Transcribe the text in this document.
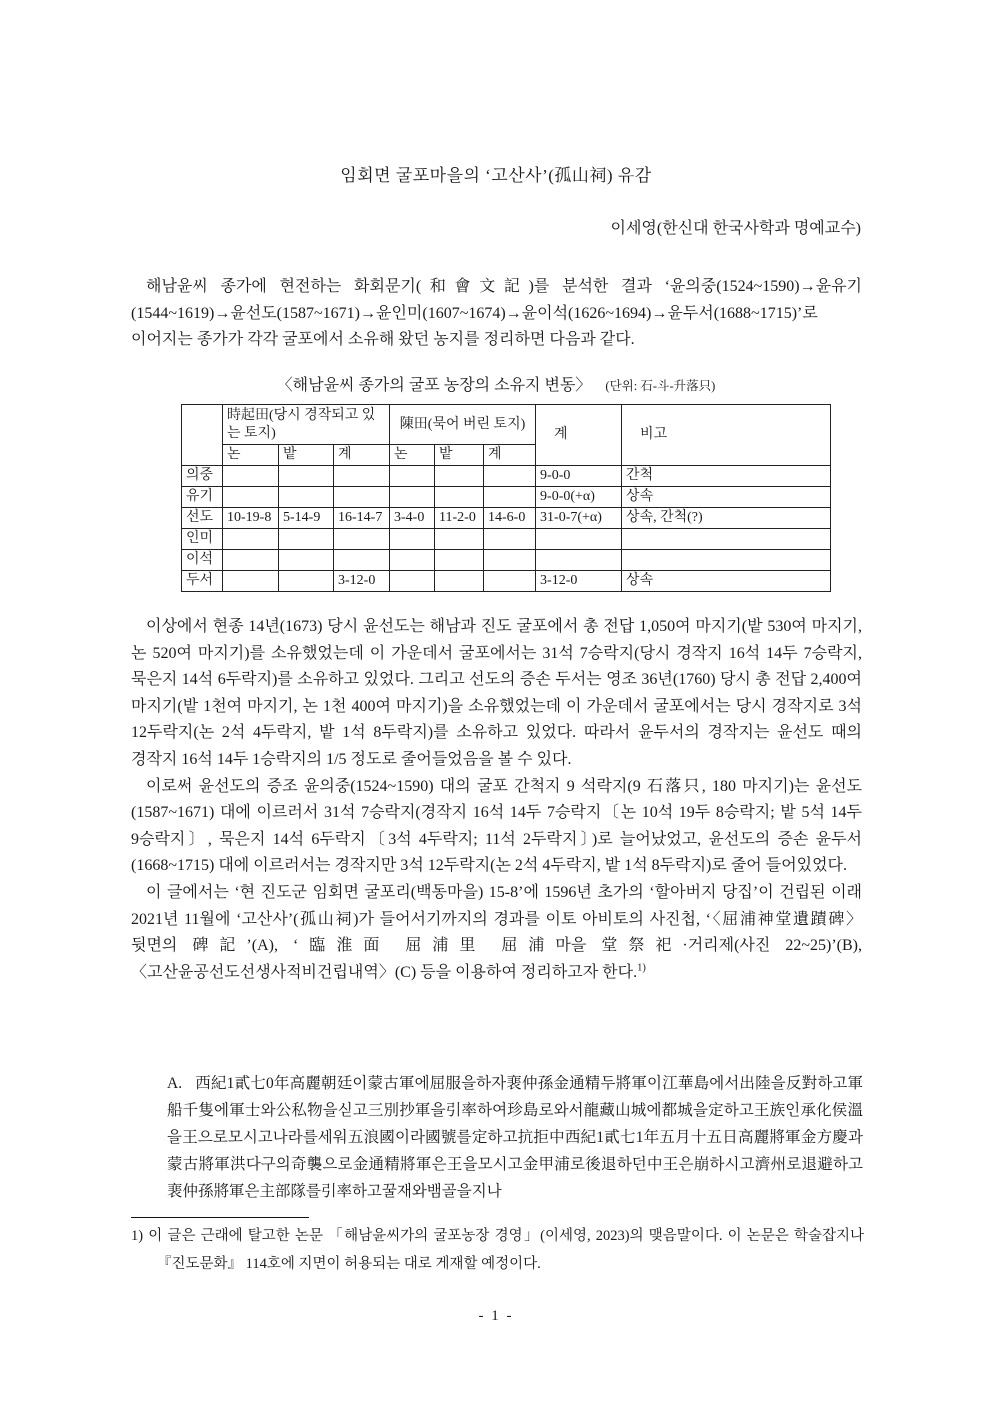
임회면 굴포마을의 ‘고산사’(孤山祠) 유감
이세영(한신대 한국사학과 명예교수)

해남윤씨 종가에 현전하는 화회문기(和會文記)를 분석한 결과 ‘윤의중(1524~1590)→윤유기(1544~1619)→윤선도(1587~1671)→윤인미(1607~1674)→윤이석(1626~1694)→윤두서(1688~1715)’로 이어지는 종가가 각각 굴포에서 소유해 왔던 농지를 정리하면 다음과 같다.

〈해남윤씨 종가의 굴포 농장의 소유지 변동〉 (단위: 石-斗-升落只)
	時起田(당시 경작되고 있는 토지)			陳田(묵어 버린 토지)			계	비고
	논	밭	계	논	밭	계		
의중							9-0-0	간척
유기							9-0-0(+α)	상속
선도	10-19-8	5-14-9	16-14-7	3-4-0	11-2-0	14-6-0	31-0-7(+α)	상속, 간척(?)
인미								
이석								
두서			3-12-0				3-12-0	상속

이상에서 현종 14년(1673) 당시 윤선도는 해남과 진도 굴포에서 총 전답 1,050여 마지기(밭 530여 마지기, 논 520여 마지기)를 소유했었는데 이 가운데서 굴포에서는 31석 7승락지(당시 경작지 16석 14두 7승락지, 묵은지 14석 6두락지)를 소유하고 있었다. 그리고 선도의 증손 두서는 영조 36년(1760) 당시 총 전답 2,400여 마지기(밭 1천여 마지기, 논 1천 400여 마지기)을 소유했었는데 이 가운데서 굴포에서는 당시 경작지로 3석 12두락지(논 2석 4두락지, 밭 1석 8두락지)를 소유하고 있었다. 따라서 윤두서의 경작지는 윤선도 때의 경작지 16석 14두 1승락지의 1/5 정도로 줄어들었음을 볼 수 있다.

이로써 윤선도의 증조 윤의중(1524~1590) 대의 굴포 간척지 9 석락지(9 石落只, 180 마지기)는 윤선도(1587~1671) 대에 이르러서 31석 7승락지(경작지 16석 14두 7승락지〔논 10석 19두 8승락지; 밭 5석 14두 9승락지〕, 묵은지 14석 6두락지〔3석 4두락지; 11석 2두락지〕)로 늘어났었고, 윤선도의 증손 윤두서(1668~1715) 대에 이르러서는 경작지만 3석 12두락지(논 2석 4두락지, 밭 1석 8두락지)로 줄어 들어있었다.

이 글에서는 ‘현 진도군 임회면 굴포리(백동마을) 15-8’에 1596년 초가의 ‘할아버지 당집’이 건립된 이래 2021년 11월에 ‘고산사’(孤山祠)가 들어서기까지의 경과를 이토 아비토의 사진첩, ‘〈屈浦神堂遺蹟碑〉 뒷면의 碑記’(A), ‘臨淮面 屈浦里 屈浦마을 堂祭祀·거리제(사진 22~25)’(B), 〈고산윤공선도선생사적비건립내역〉(C) 등을 이용하여 정리하고자 한다.$^{1)}$

A. 西紀1貳七0年高麗朝廷이蒙古軍에屈服을하자裵仲孫金通精두將軍이江華島에서出陸을反對하고軍船千隻에軍士와公私物을싣고三別抄軍을引率하여珍島로와서龍藏山城에都城을定하고王族인承化侯溫을王으로모시고나라를세워五浪國이라國號를定하고抗拒中西紀1貳七1年五月十五日高麗將軍金方慶과蒙古將軍洪다구의奇襲으로金通精將軍은王을모시고金甲浦로後退하던中王은崩하시고濟州로退避하고裵仲孫將軍은主部隊를引率하고꿀재와뱀골을지나
1) 이 글은 근래에 탈고한 논문 「해남윤씨가의 굴포농장 경영」(이세영, 2023)의 맺음말이다. 이 논문은 학술잡지나 『진도문화』 114호에 지면이 허용되는 대로 게재할 예정이다.
- 1 -
